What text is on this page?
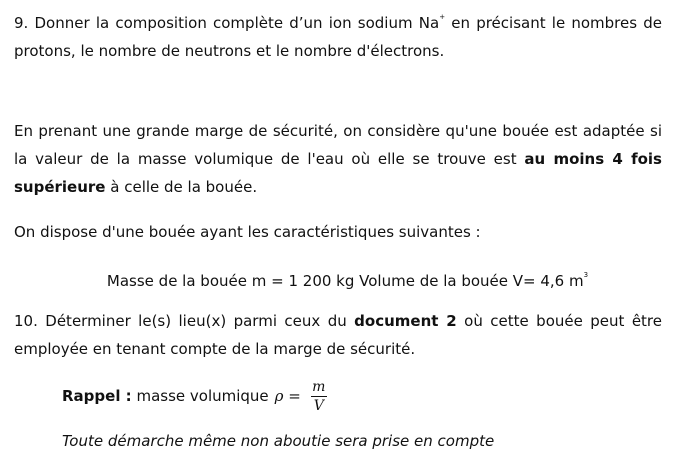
9. Donner la composition complète d’un ion sodium Na+ en précisant le nombres de protons, le nombre de neutrons et le nombre d'électrons.

En prenant une grande marge de sécurité, on considère qu'une bouée est adaptée si la valeur de la masse volumique de l'eau où elle se trouve est au moins 4 fois supérieure à celle de la bouée.

On dispose d'une bouée ayant les caractéristiques suivantes :

Masse de la bouée m = 1 200 kg Volume de la bouée V= 4,6 $m^3$

10. Déterminer le(s) lieu(x) parmi ceux du document 2 où cette bouée peut être employée en tenant compte de la marge de sécurité.

Rappel : masse volumique $\rho = \frac{m}{V}$
Toute démarche même non aboutie sera prise en compte
